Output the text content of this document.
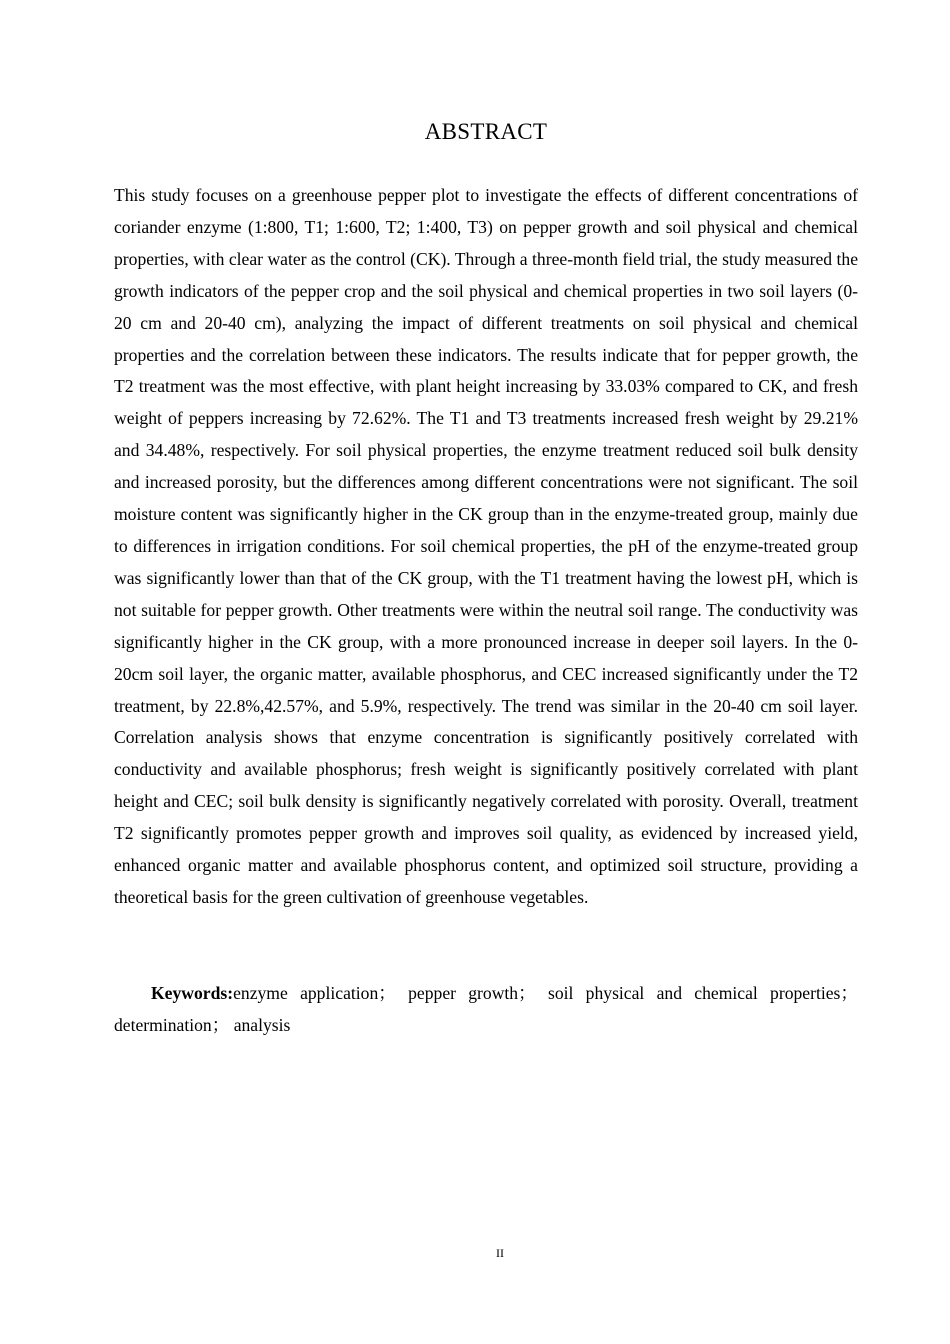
ABSTRACT

This study focuses on a greenhouse pepper plot to investigate the effects of different concentrations of coriander enzyme (1:800, T1; 1:600, T2; 1:400, T3) on pepper growth and soil physical and chemical properties, with clear water as the control (CK). Through a three-month field trial, the study measured the growth indicators of the pepper crop and the soil physical and chemical properties in two soil layers (0-20 cm and 20-40 cm), analyzing the impact of different treatments on soil physical and chemical properties and the correlation between these indicators. The results indicate that for pepper growth, the T2 treatment was the most effective, with plant height increasing by 33.03% compared to CK, and fresh weight of peppers increasing by 72.62%. The T1 and T3 treatments increased fresh weight by 29.21% and 34.48%, respectively. For soil physical properties, the enzyme treatment reduced soil bulk density and increased porosity, but the differences among different concentrations were not significant. The soil moisture content was significantly higher in the CK group than in the enzyme-treated group, mainly due to differences in irrigation conditions. For soil chemical properties, the pH of the enzyme-treated group was significantly lower than that of the CK group, with the T1 treatment having the lowest pH, which is not suitable for pepper growth. Other treatments were within the neutral soil range. The conductivity was significantly higher in the CK group, with a more pronounced increase in deeper soil layers. In the 0-20cm soil layer, the organic matter, available phosphorus, and CEC increased significantly under the T2 treatment, by 22.8%,42.57%, and 5.9%, respectively. The trend was similar in the 20-40 cm soil layer. Correlation analysis shows that enzyme concentration is significantly positively correlated with conductivity and available phosphorus; fresh weight is significantly positively correlated with plant height and CEC; soil bulk density is significantly negatively correlated with porosity. Overall, treatment T2 significantly promotes pepper growth and improves soil quality, as evidenced by increased yield, enhanced organic matter and available phosphorus content, and optimized soil structure, providing a theoretical basis for the green cultivation of greenhouse vegetables.

Keywords:enzyme application； pepper growth； soil physical and chemical properties； determination； analysis

II
